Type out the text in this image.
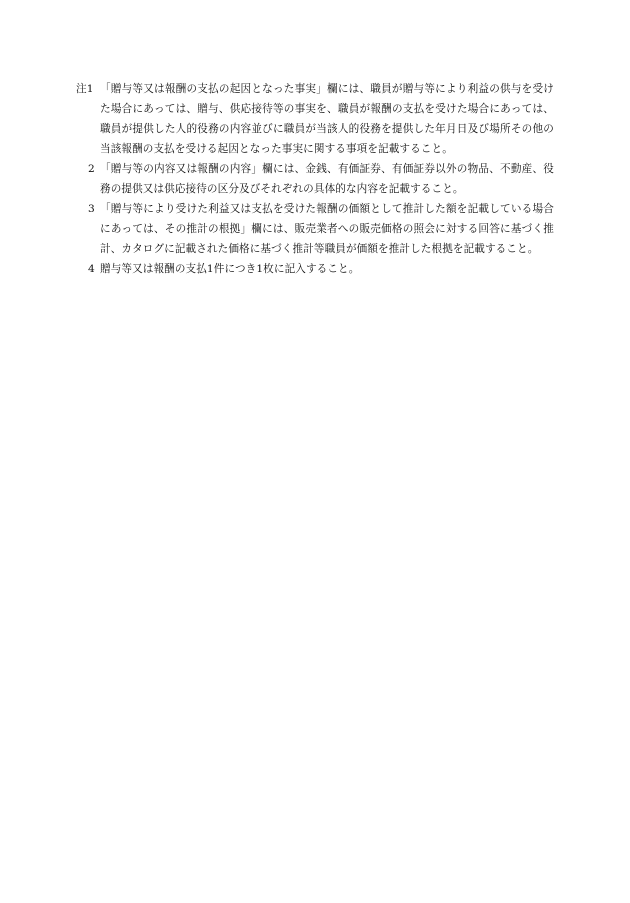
注1 「贈与等又は報酬の支払の起因となった事実」欄には、職員が贈与等により利益の供与を受けた場合にあっては、贈与、供応接待等の事実を、職員が報酬の支払を受けた場合にあっては、職員が提供した人的役務の内容並びに職員が当該人的役務を提供した年月日及び場所その他の当該報酬の支払を受ける起因となった事実に関する事項を記載すること。
2 「贈与等の内容又は報酬の内容」欄には、金銭、有価証券、有価証券以外の物品、不動産、役務の提供又は供応接待の区分及びそれぞれの具体的な内容を記載すること。
3 「贈与等により受けた利益又は支払を受けた報酬の価額として推計した額を記載している場合にあっては、その推計の根拠」欄には、販売業者への販売価格の照会に対する回答に基づく推計、カタログに記載された価格に基づく推計等職員が価額を推計した根拠を記載すること。
4 贈与等又は報酬の支払1件につき1枚に記入すること。
